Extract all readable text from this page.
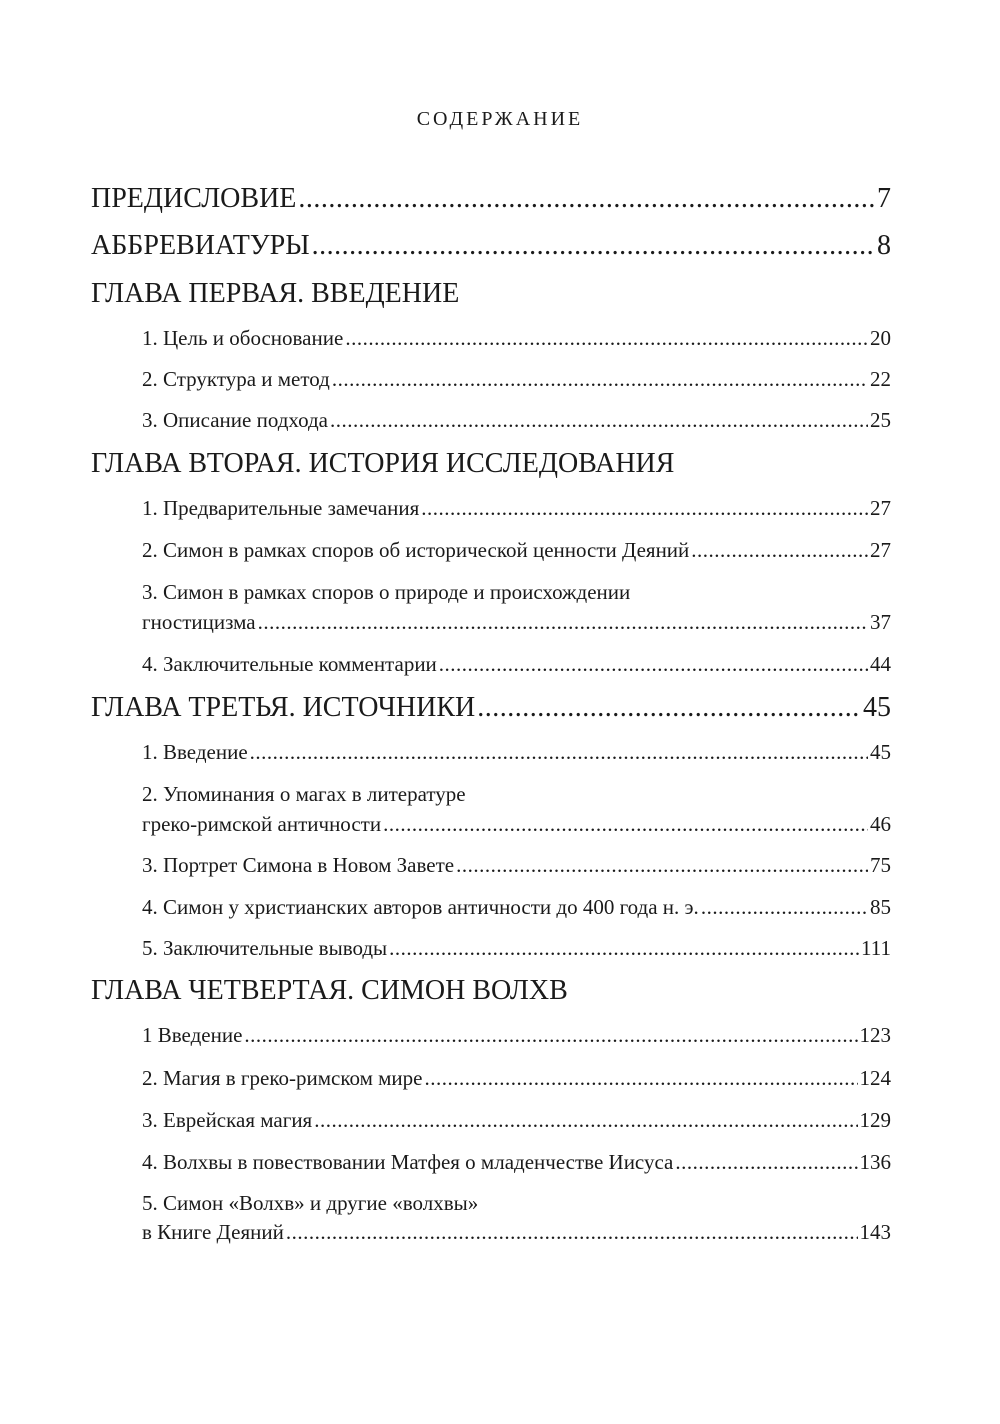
содержание
ПРЕДИСЛОВИЕ .....	7
АББРЕВИАТУРЫ .....	8
ГЛАВА ПЕРВАЯ. ВВЕДЕНИЕ
1. Цель и обоснование .....	20
2. Структура и метод .....	22
3. Описание подхода .....	25
ГЛАВА ВТОРАЯ. ИСТОРИЯ ИССЛЕДОВАНИЯ
1. Предварительные замечания .....	27
2. Симон в рамках споров об исторической ценности Деяний .....	27
3. Симон в рамках споров о природе и происхождении
гностицизма .....	37
4. Заключительные комментарии .....	44
ГЛАВА ТРЕТЬЯ. ИСТОЧНИКИ .....	45
1. Введение .....	45
2. Упоминания о магах в литературе
греко-римской античности .....	46
3. Портрет Симона в Новом Завете .....	75
4. Симон у христианских авторов античности до 400 года н. э. .....	85
5. Заключительные выводы .....	111
ГЛАВА ЧЕТВЕРТАЯ. СИМОН ВОЛХВ
1 Введение .....	123
2. Магия в греко-римском мире .....	124
3. Еврейская магия .....	129
4. Волхвы в повествовании Матфея о младенчестве Иисуса .....	136
5. Симон «Волхв» и другие «волхвы»
в Книге Деяний .....	143
